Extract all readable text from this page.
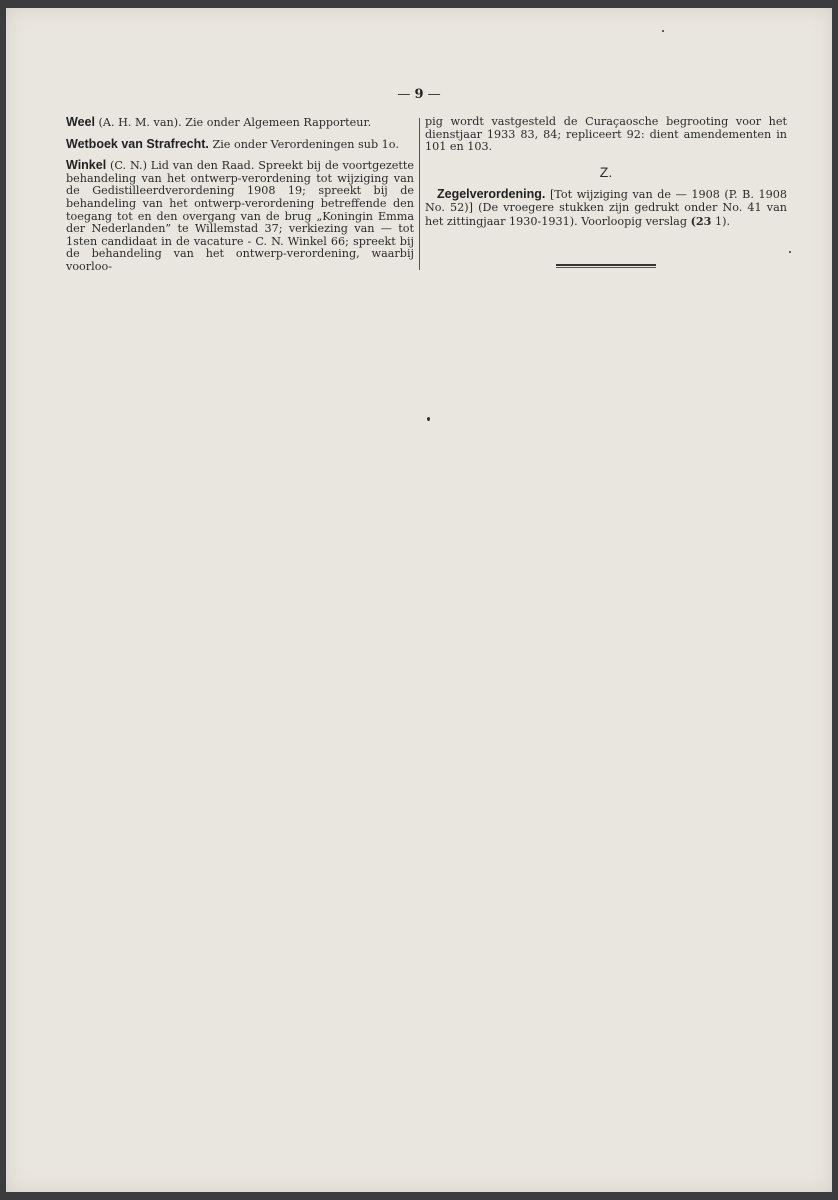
— 9 —

Weel (A. H. M. van). Zie onder Algemeen Rapporteur.

Wetboek van Strafrecht. Zie onder Verordeningen sub 1o.

Winkel (C. N.) Lid van den Raad. Spreekt bij de voortgezette behandeling van het ontwerp-verordening tot wijziging van de Gedistilleerdverordening 1908 19; spreekt bij de behandeling van het ontwerp-verordening betreffende den toegang tot en den overgang van de brug „Koningin Emma der Nederlanden” te Willemstad 37; verkiezing van — tot 1sten candidaat in de vacature - C. N. Winkel 66; spreekt bij de behandeling van het ontwerp-verordening, waarbij voorloo-

pig wordt vastgesteld de Curaçaosche begrooting voor het dienstjaar 1933 83, 84; repliceert 92: dient amendementen in 101 en 103.

Z.

Zegelverordening. [Tot wijziging van de — 1908 (P. B. 1908 No. 52)] (De vroegere stukken zijn gedrukt onder No. 41 van het zittingjaar 1930-1931). Voorloopig verslag (23 1).
